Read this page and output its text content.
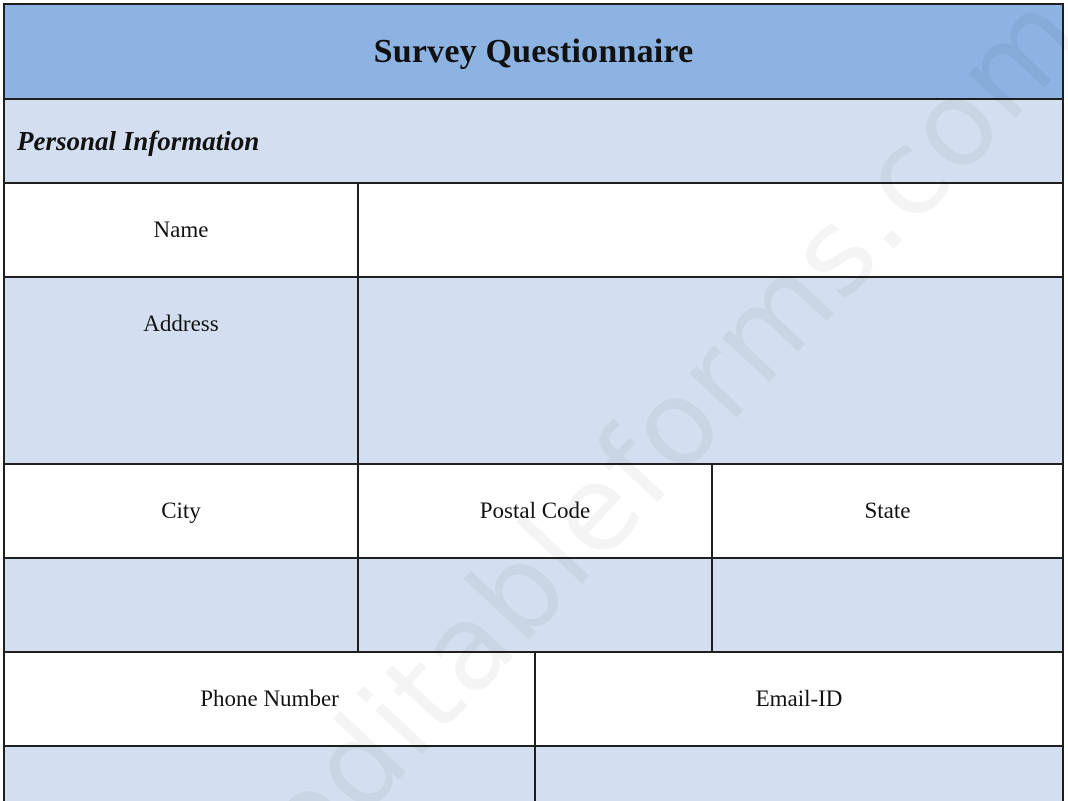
Survey Questionnaire
Personal Information
Name
Address
City	Postal Code	State
Phone Number	Email-ID
